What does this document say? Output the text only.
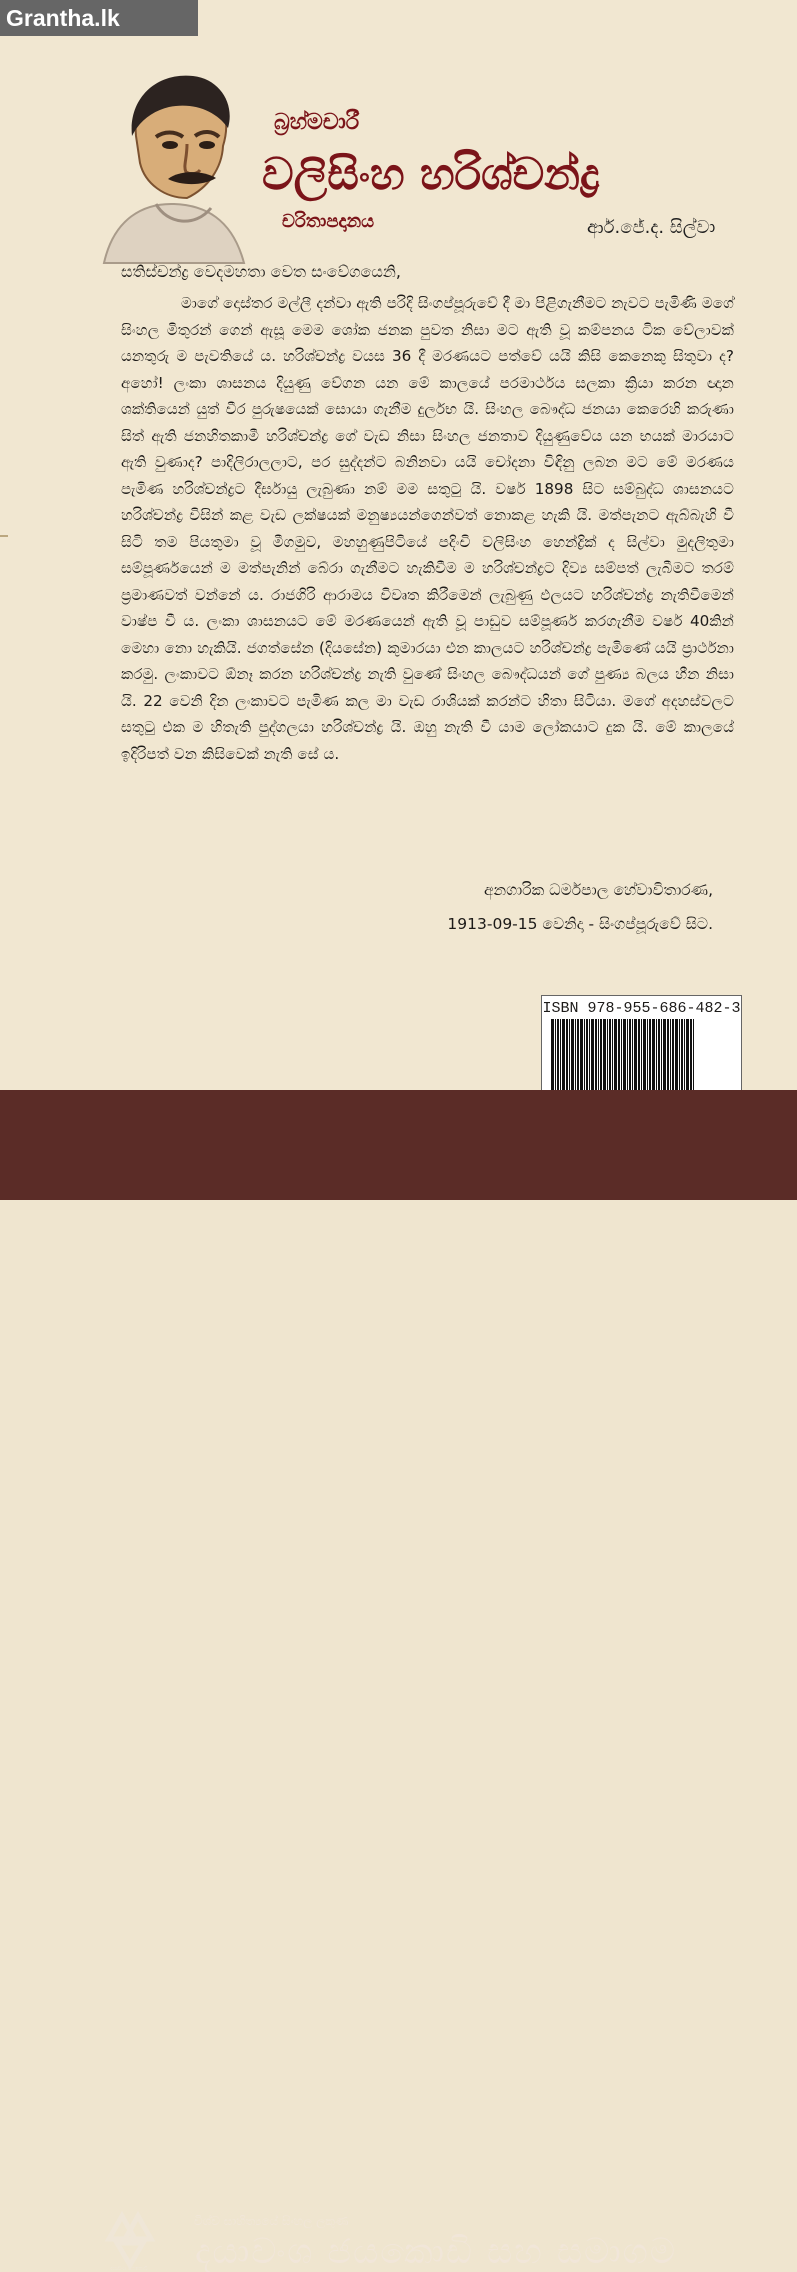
Grantha.lk
බ්‍රහ්මචාරී
වලිසිංහ හරිශ්චන්ද්‍ර
චරිතාපදානය	ආර්.ජේ.ද. සිල්වා
සතිස්චන්ද්‍ර වෙදමහතා වෙත සංවේගයෙනි,

මාගේ දොස්තර මල්ලී දන්වා ඇති පරිදි සිංගප්පූරුවේ දී මා පිළිගැනීමට නැවට පැමිණි මගේ සිංහල මිතුරන් ගෙන් ඇසූ මෙම ශෝක ජනක පුවත නිසා මට ඇති වූ කම්පනය ටික වේලාවක් යනතුරු ම පැවතියේ ය. හරිශ්චන්ද්‍ර වයස 36 දී මරණයට පත්වේ යයි කිසි කෙනෙකු සිතුවා ද? අහෝ! ලංකා ශාසනය දියුණු වේගන යන මේ කාලයේ පරමාර්ථය සලකා ක්‍රියා කරන ඥාන ශක්තියෙන් යුත් වීර පුරුෂයෙක් සොයා ගැනීම දුර්ලභ යි. සිංහල බෞද්ධ ජනයා කෙරෙහි කරුණා සිත් ඇති ජනහිතකාමී හරිශ්චන්ද්‍ර ගේ වැඩ නිසා සිංහල ජනතාව දියුණුවේය යන භයක් මාරයාට ඇති වුණාද? පාදිලිරාලලාට, පර සුද්දන්ට බනිනවා යයි චෝදනා විඳිනු ලබන මට මේ මරණය පැමිණ හරිශ්චන්ද්‍රට දීර්ඝායු ලැබුණා නම් මම සතුටු යි. වර්ෂ 1898 සිට සම්බුද්ධ ශාසනයට හරිශ්චන්ද්‍ර විසින් කළ වැඩ ලක්ෂයක් මනුෂ්‍යයන්ගෙන්වත් නොකළ හැකි යි. මත්පැනට ඇබ්බැහි වී සිටි තම පියතුමා වූ මීගමුව, මහහුණුපිටියේ පදිංචි වලිසිංහ හෙන්ද්‍රික් ද සිල්වා මුදලිතුමා සම්පූර්ණයෙන් ම මත්පැනින් බේරා ගැනීමට හැකිවීම ම හරිශ්චන්ද්‍රට දිව්‍ය සම්පත් ලැබීමට තරම් ප්‍රමාණවත් වන්නේ ය. රාජගිරි ආරාමය විවෘත කිරීමෙන් ලැබුණු ඵලයට හරිශ්චන්ද්‍ර නැතිවීමෙන් වාෂ්ප වී ය. ලංකා ශාසනයට මේ මරණයෙන් ඇති වූ පාඩුව සම්පූර්ණ කරගැනීම වර්ෂ 40කින් මෙහා නො හැකියි. ජගත්සේන (දියසේන) කුමාරයා එන කාලයට හරිශ්චන්ද්‍ර පැමිණේ යයි ප්‍රාර්ථනා කරමු. ලංකාවට ඕනෑ කරන හරිශ්චන්ද්‍ර නැති වුණේ සිංහල බෞද්ධයන් ගේ පුණ්‍ය බලය හීන නිසා යි. 22 වෙනි දින ලංකාවට පැමිණ කල මා වැඩ රාශියක් කරන්ට හිතා සිටියා. මගේ අදහස්වලට සතුටු එක ම හිතැති පුද්ගලයා හරිශ්චන්ද්‍ර යි. ඔහු නැති වී යාම ලෝකයාට දුක යි. මේ කාලයේ ඉදිරිපත් වන කිසිවෙක් නැති සේ ය.

අනගාරික ධර්මපාල හේවාවිතාරණ,
1913-09-15 වෙනිදා - සිංගප්පූරුවේ සිට.
ISBN 978-955-686-482-3
දයාවංශ ජයකොඩි
විශ්ව සාහිත්‍යයේ සිංහල ලකුණ
දයාවංශ ජයකොඩි සහ සමාගම
